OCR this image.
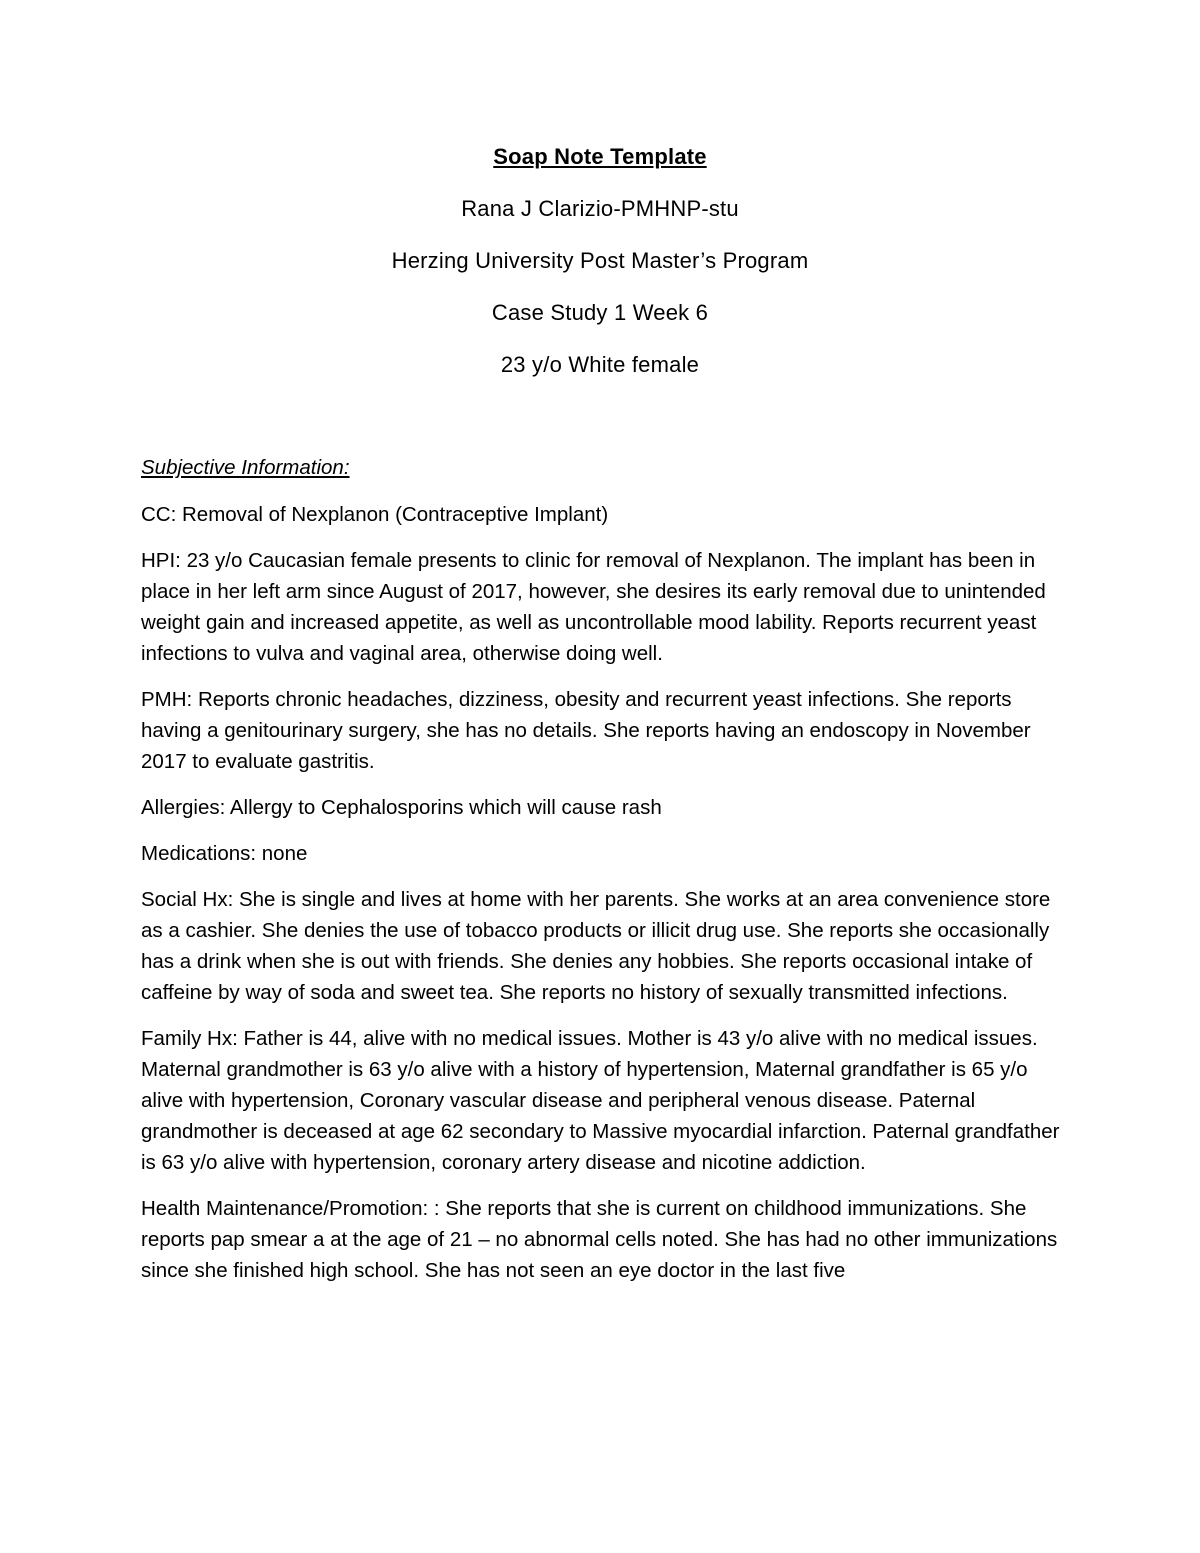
Soap Note Template
Rana J Clarizio-PMHNP-stu
Herzing University Post Master’s Program
Case Study 1 Week 6
23 y/o White female
Subjective Information:

CC: Removal of Nexplanon (Contraceptive Implant)

HPI: 23 y/o Caucasian female presents to clinic for removal of Nexplanon. The implant has been in place in her left arm since August of 2017, however, she desires its early removal due to unintended weight gain and increased appetite, as well as uncontrollable mood lability. Reports recurrent yeast infections to vulva and vaginal area, otherwise doing well.

PMH: Reports chronic headaches, dizziness, obesity and recurrent yeast infections. She reports having a genitourinary surgery, she has no details. She reports having an endoscopy in November 2017 to evaluate gastritis.

Allergies: Allergy to Cephalosporins which will cause rash

Medications: none

Social Hx: She is single and lives at home with her parents. She works at an area convenience store as a cashier. She denies the use of tobacco products or illicit drug use. She reports she occasionally has a drink when she is out with friends. She denies any hobbies. She reports occasional intake of caffeine by way of soda and sweet tea. She reports no history of sexually transmitted infections.

Family Hx: Father is 44, alive with no medical issues. Mother is 43 y/o alive with no medical issues. Maternal grandmother is 63 y/o alive with a history of hypertension, Maternal grandfather is 65 y/o alive with hypertension, Coronary vascular disease and peripheral venous disease. Paternal grandmother is deceased at age 62 secondary to Massive myocardial infarction. Paternal grandfather is 63 y/o alive with hypertension, coronary artery disease and nicotine addiction.

Health Maintenance/Promotion: : She reports that she is current on childhood immunizations. She reports pap smear a at the age of 21 – no abnormal cells noted. She has had no other immunizations since she finished high school. She has not seen an eye doctor in the last five
